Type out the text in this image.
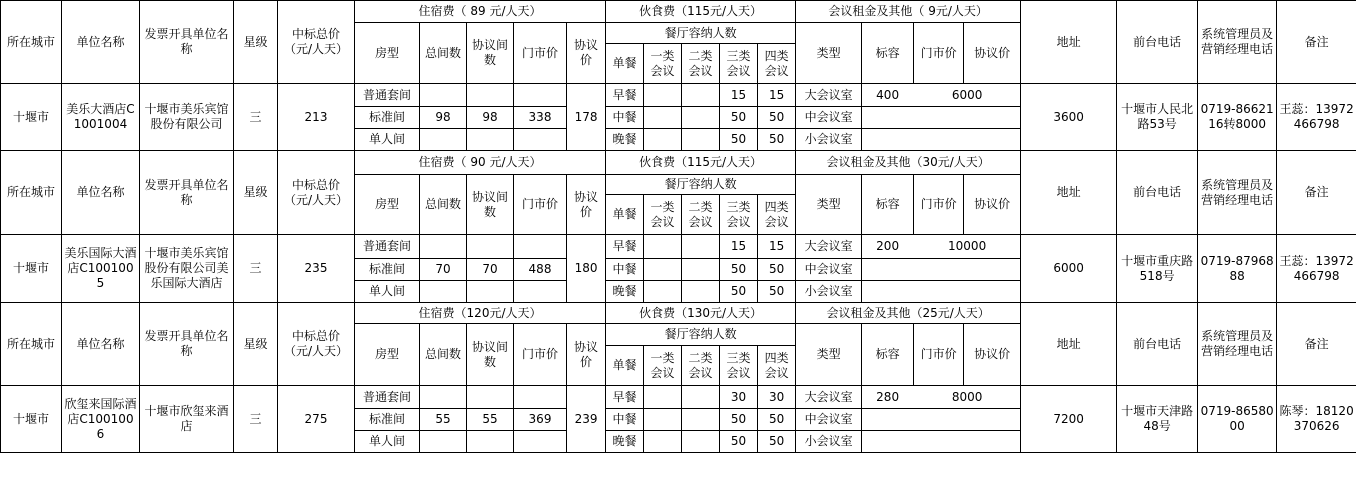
所在城市	单位名称	发票开具单位名称	星级	中标总价（元/人天）	住宿费（ 89 元/人天）					伙食费（115元/人天）					会议租金及其他（ 9元/人天）				地址	前台电话	系统管理员及营销经理电话	备注	
					房型	总间数	协议间数	门市价	协议价	餐厅容纳人数					类型	标容	门市价	协议价					
										单餐	一类会议	二类会议	三类会议	四类会议									
十堰市	美乐大酒店C1001004	十堰市美乐宾馆股份有限公司	三	213	普通套间				178	早餐			15	15	大会议室	400	6000		3600	十堰市人民北路53号	0719-8662116转8000	王蕊：13972466798	
					标准间	98	98	338		中餐			50	50	中会议室								
					单人间					晚餐			50	50	小会议室								
所在城市	单位名称	发票开具单位名称	星级	中标总价（元/人天）	住宿费（ 90 元/人天）					伙食费（115元/人天）					会议租金及其他（30元/人天）				地址	前台电话	系统管理员及营销经理电话	备注	
					房型	总间数	协议间数	门市价	协议价	餐厅容纳人数					类型	标容	门市价	协议价					
										单餐	一类会议	二类会议	三类会议	四类会议									
十堰市	美乐国际大酒店C1001005	十堰市美乐宾馆股份有限公司美乐国际大酒店	三	235	普通套间				180	早餐			15	15	大会议室	200	10000		6000	十堰市重庆路518号	0719-8796888	王蕊：13972466798	
					标准间	70	70	488		中餐			50	50	中会议室								
					单人间					晚餐			50	50	小会议室								
所在城市	单位名称	发票开具单位名称	星级	中标总价（元/人天）	住宿费（120元/人天）					伙食费（130元/人天）					会议租金及其他（25元/人天）				地址	前台电话	系统管理员及营销经理电话	备注	
					房型	总间数	协议间数	门市价	协议价	餐厅容纳人数					类型	标容	门市价	协议价					
										单餐	一类会议	二类会议	三类会议	四类会议									
十堰市	欣玺来国际酒店C1001006	十堰市欣玺来酒店	三	275	普通套间				239	早餐			30	30	大会议室	280	8000		7200	十堰市天津路48号	0719-8658000	陈琴：18120370626	
					标准间	55	55	369		中餐			50	50	中会议室								
					单人间					晚餐			50	50	小会议室								
